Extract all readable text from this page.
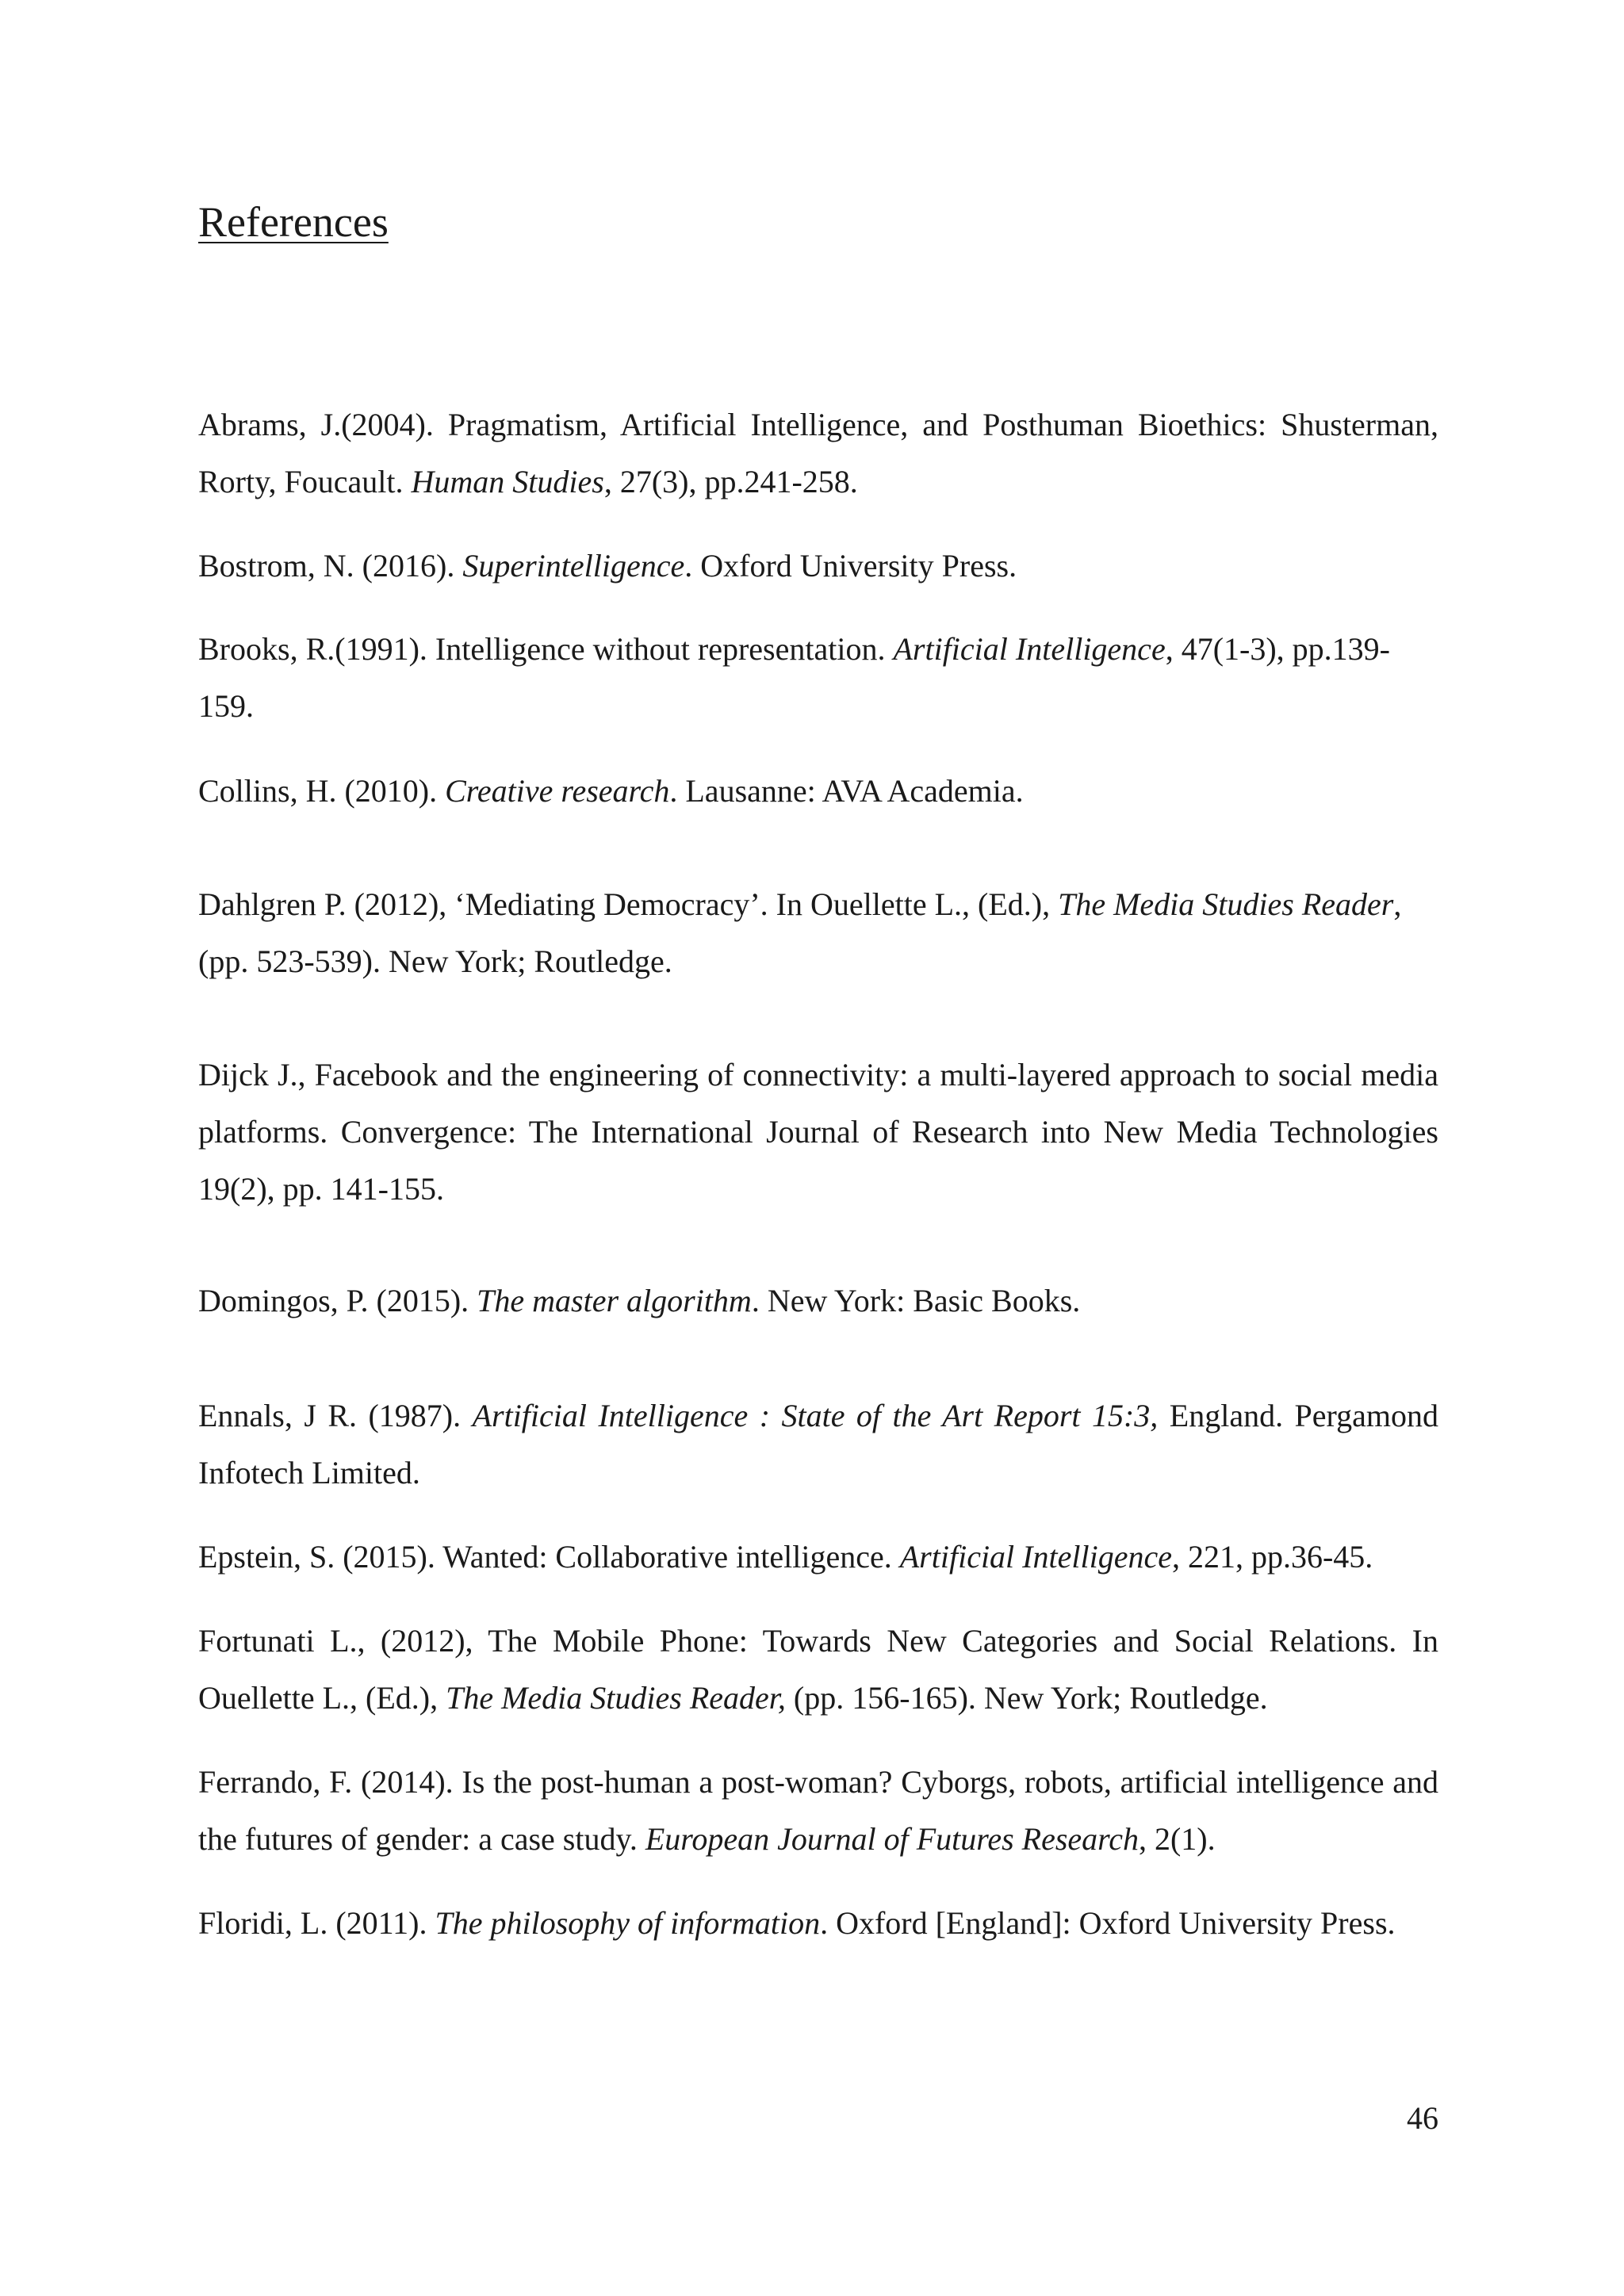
References

Abrams, J.(2004). Pragmatism, Artificial Intelligence, and Posthuman Bioethics: Shusterman, Rorty, Foucault. Human Studies, 27(3), pp.241-258.

Bostrom, N. (2016). Superintelligence. Oxford University Press.

Brooks, R.(1991). Intelligence without representation. Artificial Intelligence, 47(1-3), pp.139-159.

Collins, H. (2010). Creative research. Lausanne: AVA Academia.

Dahlgren P. (2012), ‘Mediating Democracy’. In Ouellette L., (Ed.), The Media Studies Reader, (pp. 523-539). New York; Routledge.

Dijck J., Facebook and the engineering of connectivity: a multi-layered approach to social media platforms. Convergence: The International Journal of Research into New Media Technologies 19(2), pp. 141-155.

Domingos, P. (2015). The master algorithm. New York: Basic Books.

Ennals, J R. (1987). Artificial Intelligence : State of the Art Report 15:3, England. Pergamond Infotech Limited.

Epstein, S. (2015). Wanted: Collaborative intelligence. Artificial Intelligence, 221, pp.36-45.

Fortunati L., (2012), The Mobile Phone: Towards New Categories and Social Relations. In Ouellette L., (Ed.), The Media Studies Reader, (pp. 156-165). New York; Routledge.

Ferrando, F. (2014). Is the post-human a post-woman? Cyborgs, robots, artificial intelligence and the futures of gender: a case study. European Journal of Futures Research, 2(1).

Floridi, L. (2011). The philosophy of information. Oxford [England]: Oxford University Press.

46
